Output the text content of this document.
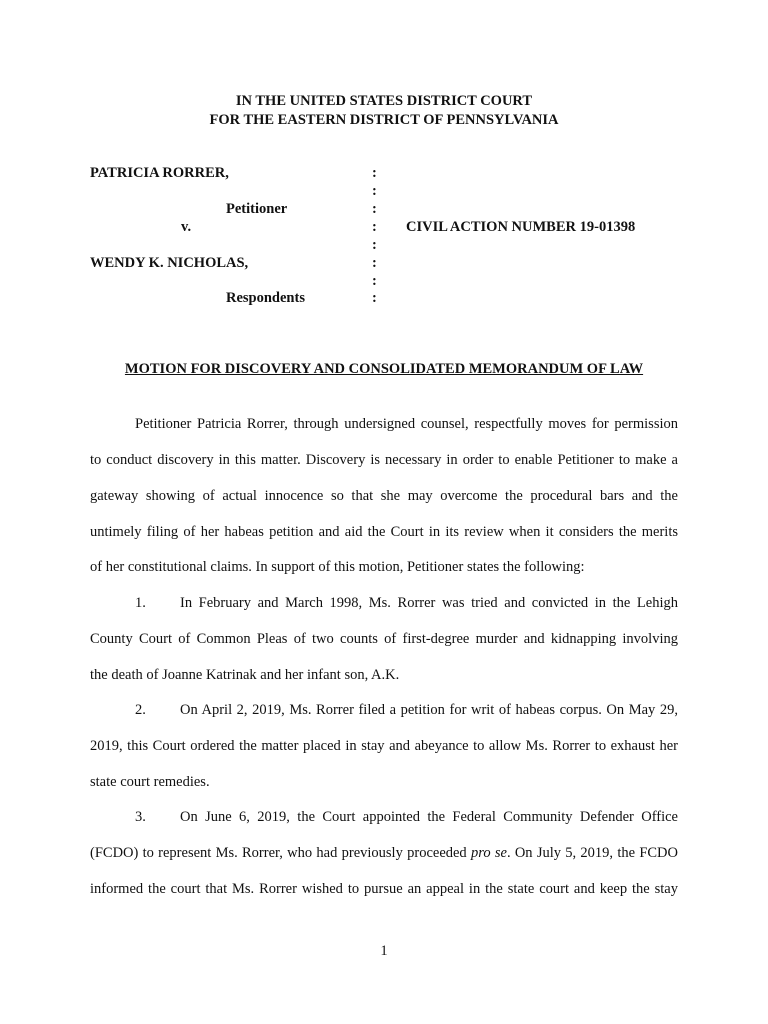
IN THE UNITED STATES DISTRICT COURT
FOR THE EASTERN DISTRICT OF PENNSYLVANIA
PATRICIA RORRER,
Petitioner
v.
WENDY K. NICHOLAS,
Respondents
CIVIL ACTION NUMBER 19-01398
:
:
:
:
:
:
:
:
MOTION FOR DISCOVERY AND CONSOLIDATED MEMORANDUM OF LAW
Petitioner Patricia Rorrer, through undersigned counsel, respectfully moves for permission
to conduct discovery in this matter. Discovery is necessary in order to enable Petitioner to make a
gateway showing of actual innocence so that she may overcome the procedural bars and the
untimely filing of her habeas petition and aid the Court in its review when it considers the merits
of her constitutional claims. In support of this motion, Petitioner states the following:
1. In February and March 1998, Ms. Rorrer was tried and convicted in the Lehigh
County Court of Common Pleas of two counts of first-degree murder and kidnapping involving
the death of Joanne Katrinak and her infant son, A.K.
2. On April 2, 2019, Ms. Rorrer filed a petition for writ of habeas corpus. On May 29,
2019, this Court ordered the matter placed in stay and abeyance to allow Ms. Rorrer to exhaust her
state court remedies.
3. On June 6, 2019, the Court appointed the Federal Community Defender Office
(FCDO) to represent Ms. Rorrer, who had previously proceeded pro se. On July 5, 2019, the FCDO
informed the court that Ms. Rorrer wished to pursue an appeal in the state court and keep the stay
1
